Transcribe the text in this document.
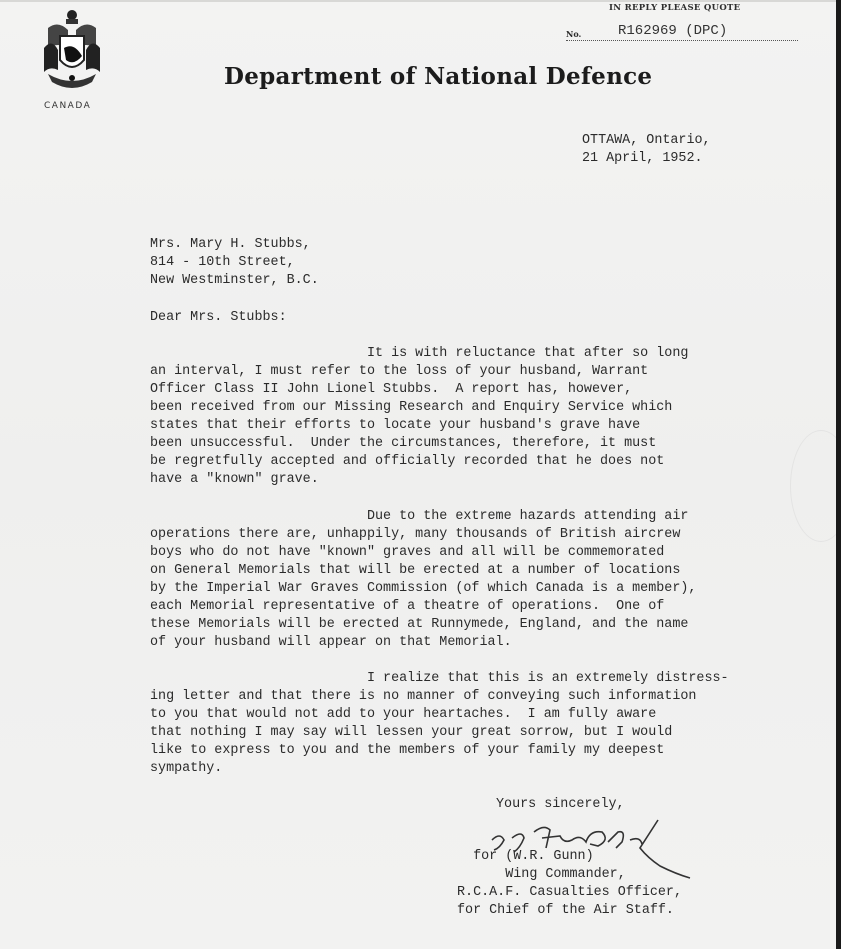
CANADA
Department of National Defence
IN REPLY PLEASE QUOTE
No.	R162969 (DPC)
OTTAWA, Ontario,
21 April, 1952.
Mrs. Mary H. Stubbs,
814 - 10th Street,
New Westminster, B.C.
Dear Mrs. Stubbs:
It is with reluctance that after so long
an interval, I must refer to the loss of your husband, Warrant
Officer Class II John Lionel Stubbs.  A report has, however,
been received from our Missing Research and Enquiry Service which
states that their efforts to locate your husband's grave have
been unsuccessful.  Under the circumstances, therefore, it must
be regretfully accepted and officially recorded that he does not
have a "known" grave.
Due to the extreme hazards attending air
operations there are, unhappily, many thousands of British aircrew
boys who do not have "known" graves and all will be commemorated
on General Memorials that will be erected at a number of locations
by the Imperial War Graves Commission (of which Canada is a member),
each Memorial representative of a theatre of operations.  One of
these Memorials will be erected at Runnymede, England, and the name
of your husband will appear on that Memorial.
I realize that this is an extremely distress-
ing letter and that there is no manner of conveying such information
to you that would not add to your heartaches.  I am fully aware
that nothing I may say will lessen your great sorrow, but I would
like to express to you and the members of your family my deepest
sympathy.
Yours sincerely,
for (W.R. Gunn)
Wing Commander,
R.C.A.F. Casualties Officer,
for Chief of the Air Staff.
